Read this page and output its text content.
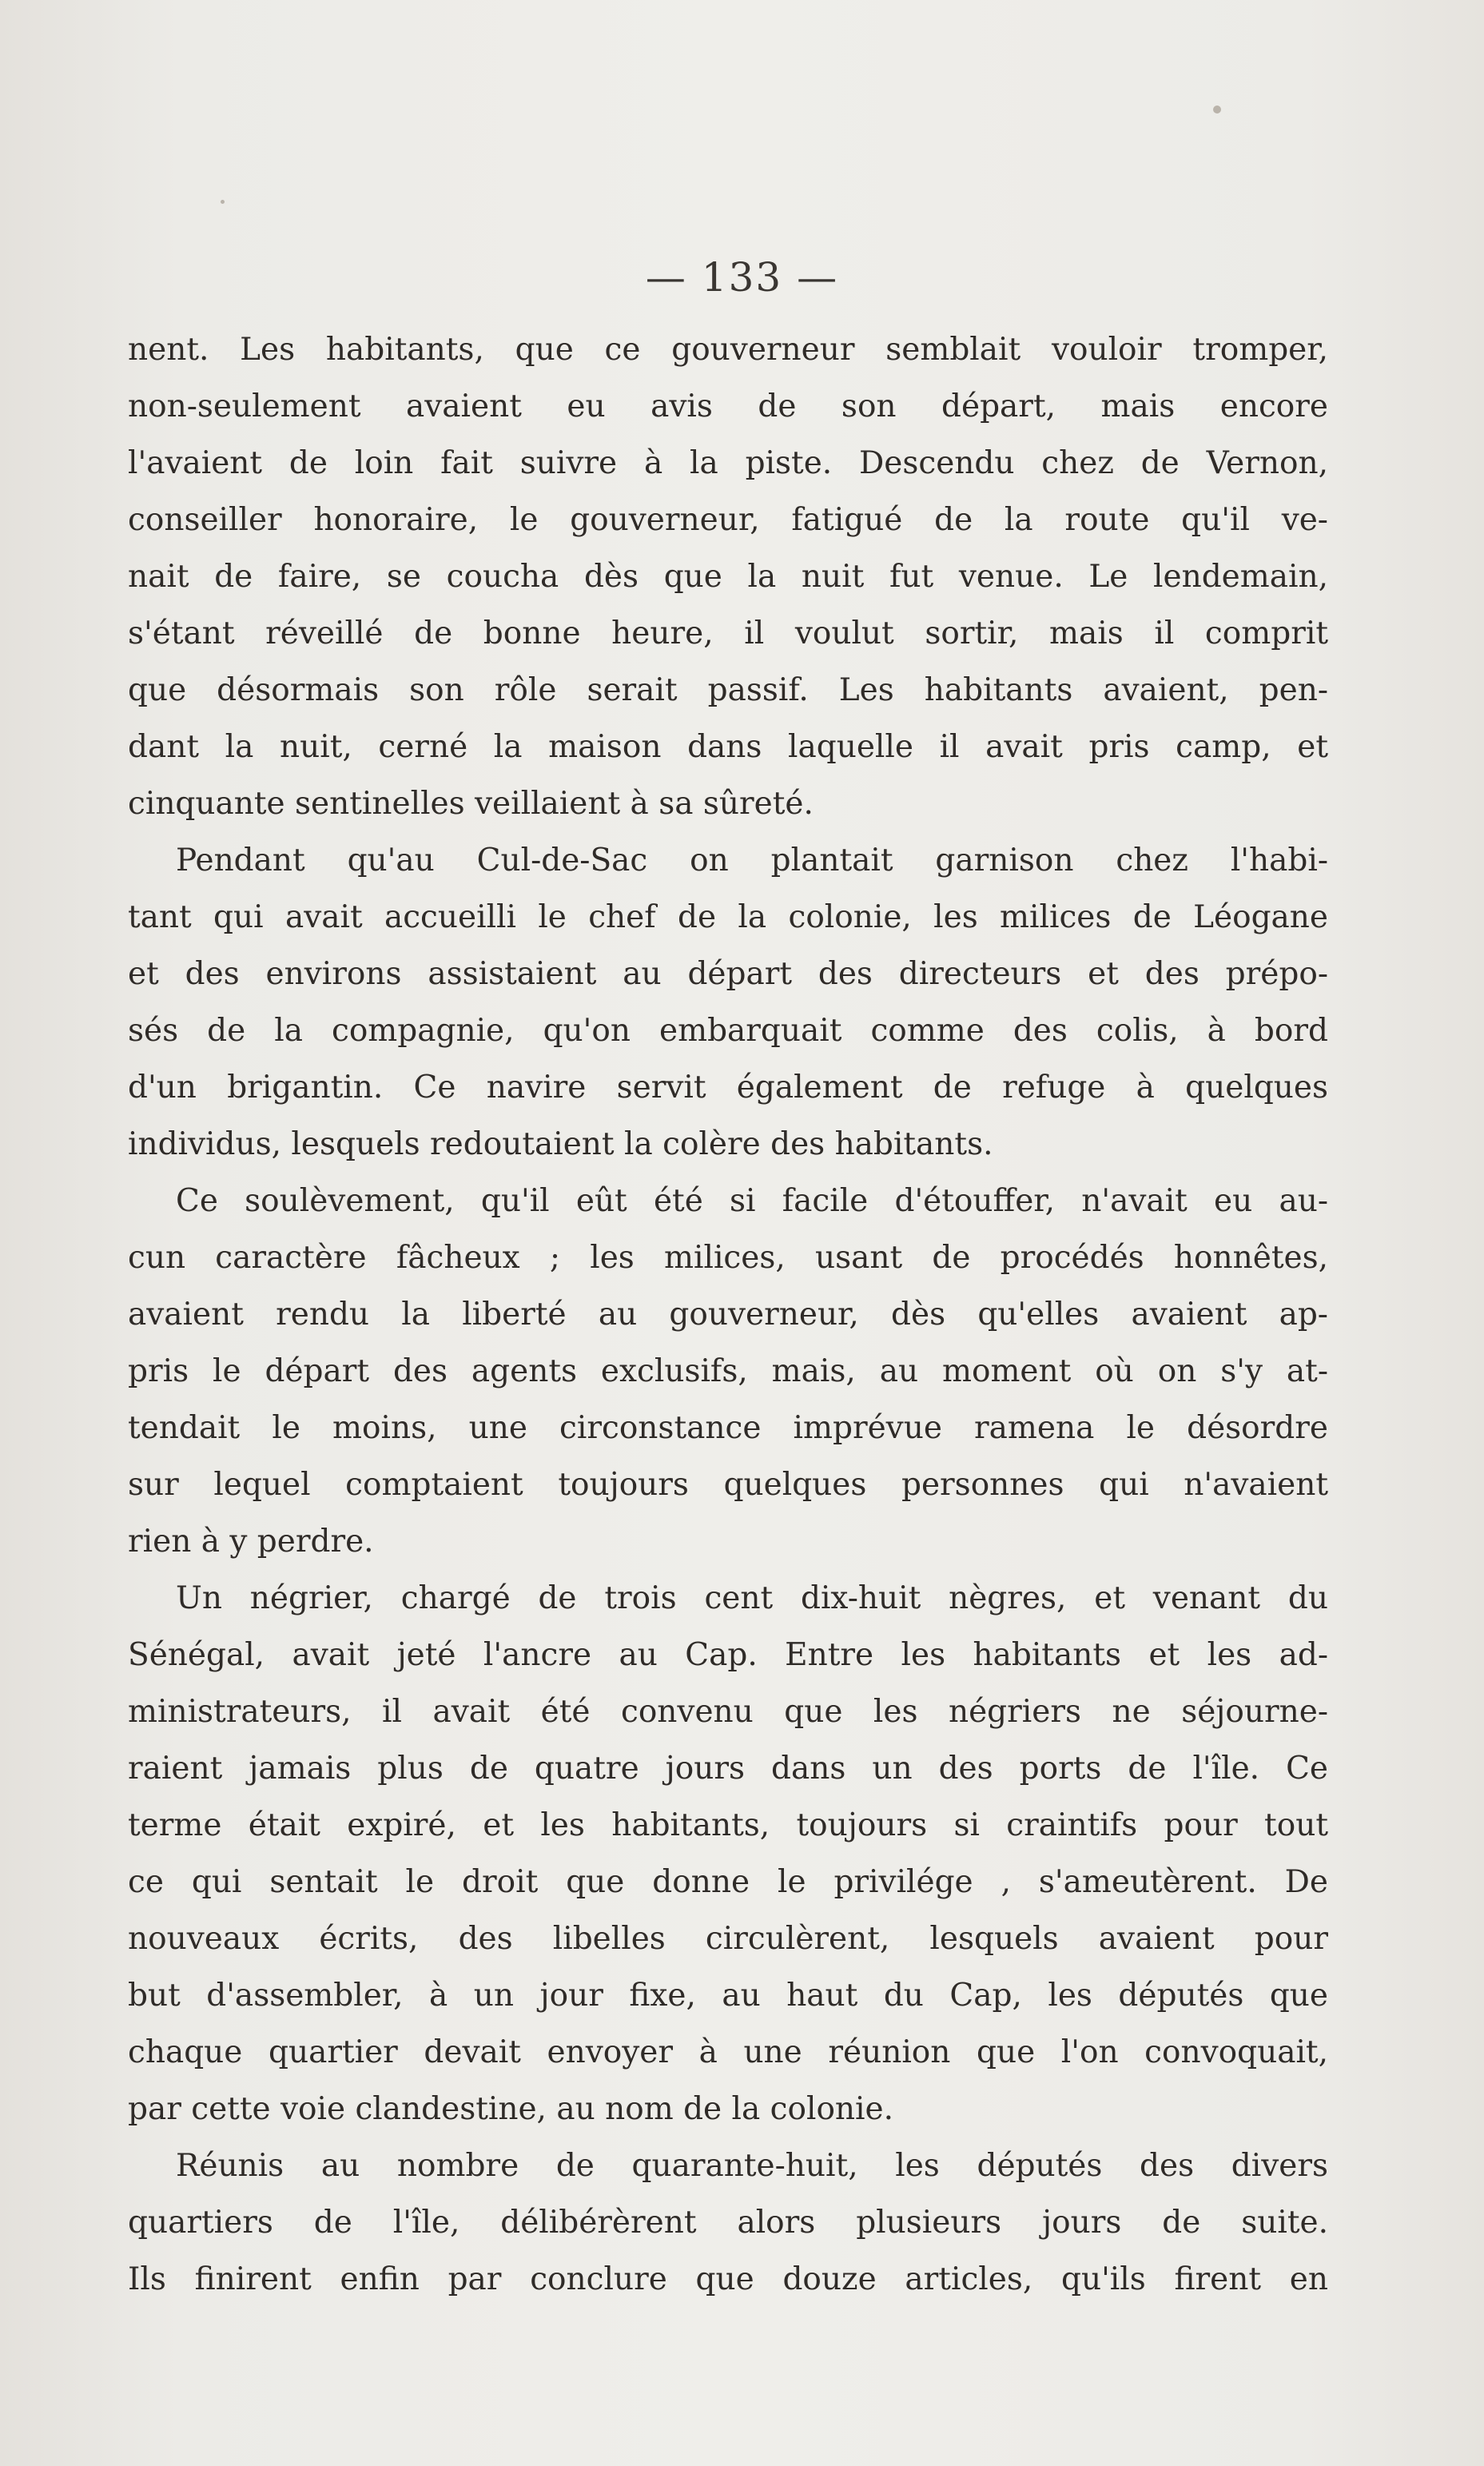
— 133 —
nent. Les habitants, que ce gouverneur semblait vouloir tromper,
non-seulement avaient eu avis de son départ, mais encore
l'avaient de loin fait suivre à la piste. Descendu chez de Vernon,
conseiller honoraire, le gouverneur, fatigué de la route qu'il ve-
nait de faire, se coucha dès que la nuit fut venue. Le lendemain,
s'étant réveillé de bonne heure, il voulut sortir, mais il comprit
que désormais son rôle serait passif. Les habitants avaient, pen-
dant la nuit, cerné la maison dans laquelle il avait pris camp, et
cinquante sentinelles veillaient à sa sûreté.
Pendant qu'au Cul-de-Sac on plantait garnison chez l'habi-
tant qui avait accueilli le chef de la colonie, les milices de Léogane
et des environs assistaient au départ des directeurs et des prépo-
sés de la compagnie, qu'on embarquait comme des colis, à bord
d'un brigantin. Ce navire servit également de refuge à quelques
individus, lesquels redoutaient la colère des habitants.
Ce soulèvement, qu'il eût été si facile d'étouffer, n'avait eu au-
cun caractère fâcheux ; les milices, usant de procédés honnêtes,
avaient rendu la liberté au gouverneur, dès qu'elles avaient ap-
pris le départ des agents exclusifs, mais, au moment où on s'y at-
tendait le moins, une circonstance imprévue ramena le désordre
sur lequel comptaient toujours quelques personnes qui n'avaient
rien à y perdre.
Un négrier, chargé de trois cent dix-huit nègres, et venant du
Sénégal, avait jeté l'ancre au Cap. Entre les habitants et les ad-
ministrateurs, il avait été convenu que les négriers ne séjourne-
raient jamais plus de quatre jours dans un des ports de l'île. Ce
terme était expiré, et les habitants, toujours si craintifs pour tout
ce qui sentait le droit que donne le privilége , s'ameutèrent. De
nouveaux écrits, des libelles circulèrent, lesquels avaient pour
but d'assembler, à un jour fixe, au haut du Cap, les députés que
chaque quartier devait envoyer à une réunion que l'on convoquait,
par cette voie clandestine, au nom de la colonie.
Réunis au nombre de quarante-huit, les députés des divers
quartiers de l'île, délibérèrent alors plusieurs jours de suite.
Ils finirent enfin par conclure que douze articles, qu'ils firent en
